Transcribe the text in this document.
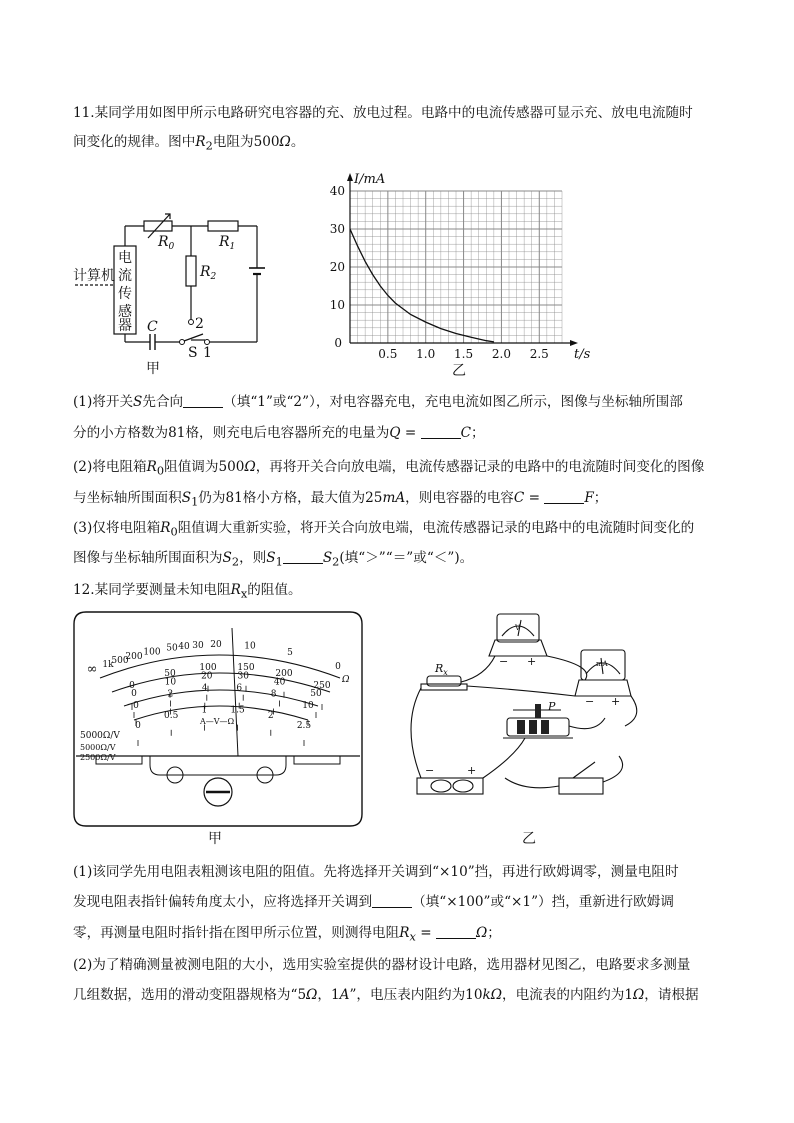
11.某同学用如图甲所示电路研究电容器的充、放电过程。电路中的电流传感器可显示充、放电电流随时
间变化的规律。图中$R_2$电阻为500Ω。
电
流
传
感
器
计算机
$R_0$	$R_1$
$R_2$
C	2
S 1
甲
0.5 1.0 1.5 2.0 2.5
10
20
30
40
0
I/mA
t/s
乙
(1)将开关S先合向	（填“1”或“2”），对电容器充电，充电电流如图乙所示，图像与坐标轴所围部
分的小方格数为81格，则充电后电容器所充的电量为Q =	C；
(2)将电阻箱$R_0$阻值调为500Ω，再将开关合向放电端，电流传感器记录的电路中的电流随时间变化的图像
与坐标轴所围面积$S_1$仍为81格小方格，最大值为25mA，则电容器的电容C =	F；
(3)仅将电阻箱$R_0$阻值调大重新实验，将开关合向放电端，电流传感器记录的电路中的电流随时间变化的
图像与坐标轴所围面积为$S_2$，则$S_1$	$S_2$(填“＞”“＝”或“＜”)。
12.某同学要测量未知电阻$R_x$的阻值。
5000Ω/V
5000Ω/V
2500Ω/V
A—V—Ω
Ω
∞ 1k
500
200 100 50 40 30 20	10
5
0
0
50
100 150
200
250
0
10
20	30
40
50
0
2
4	6
8
10
0
0.5
1	1.5
2
2.5
甲
$R_x$
V
mA
P
− +
− +
−	+
乙
(1)该同学先用电阻表粗测该电阻的阻值。先将选择开关调到“×10”挡，再进行欧姆调零，测量电阻时
发现电阻表指针偏转角度太小，应将选择开关调到	（填“×100”或“×1”）挡，重新进行欧姆调
零，再测量电阻时指针指在图甲所示位置，则测得电阻$R_x$ =	Ω；
(2)为了精确测量被测电阻的大小，选用实验室提供的器材设计电路，选用器材见图乙，电路要求多测量
几组数据，选用的滑动变阻器规格为“5Ω，1A”，电压表内阻约为10kΩ，电流表的内阻约为1Ω，请根据
